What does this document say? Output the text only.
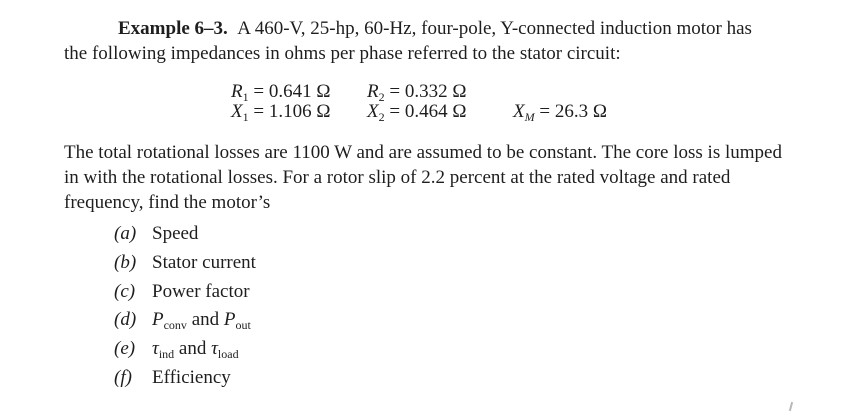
Example 6–3. A 460-V, 25-hp, 60-Hz, four-pole, Y-connected induction motor has
the following impedances in ohms per phase referred to the stator circuit:
$R_1 = 0.641$ Ω $R_2 = 0.332$ Ω
$X_1 = 1.106$ Ω $X_2 = 0.464$ Ω $X_M = 26.3$ Ω
The total rotational losses are 1100 W and are assumed to be constant. The core loss is lumped in with the rotational losses. For a rotor slip of 2.2 percent at the rated voltage and rated frequency, find the motor’s
(a) Speed
(b) Stator current
(c) Power factor
(d) $P_{conv}$ and $P_{out}$
(e) $\tau_{ind}$ and $\tau_{load}$
(f) Efficiency
